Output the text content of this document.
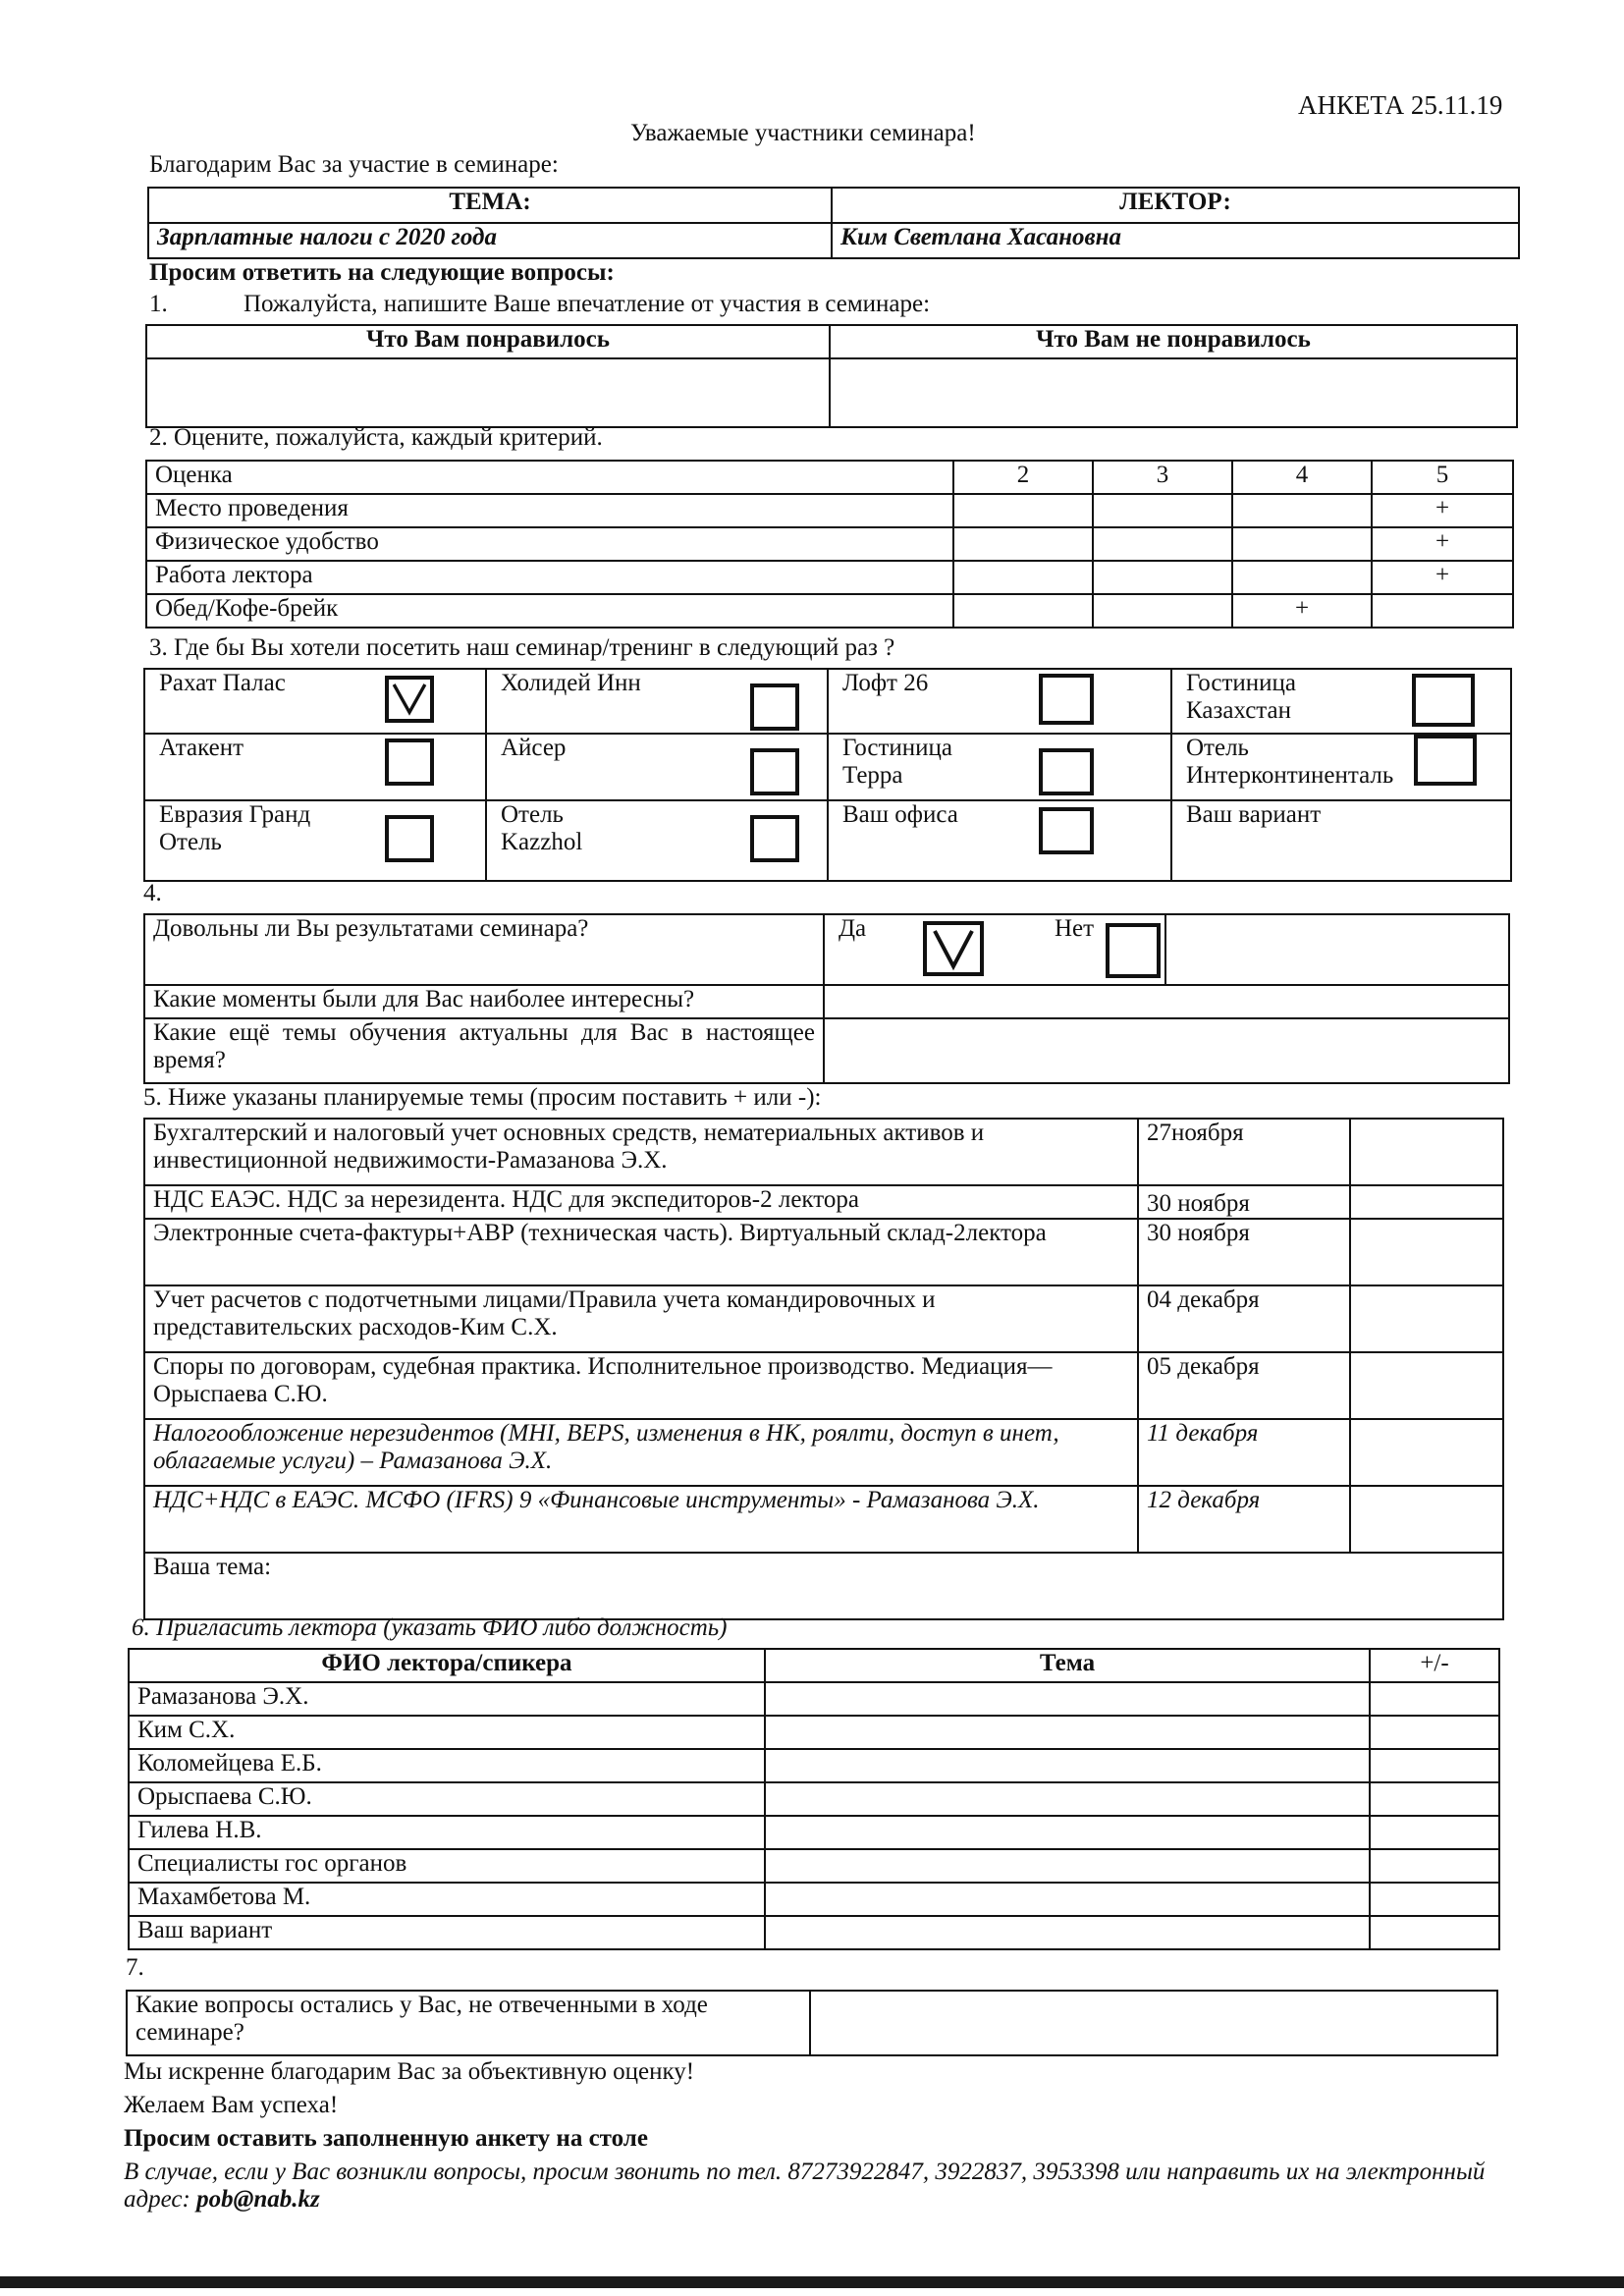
АНКЕТА 25.11.19
Уважаемые участники семинара!
Благодарим Вас за участие в семинаре:
ТЕМА:	ЛЕКТОР:
Зарплатные налоги с 2020 года	Ким Светлана Хасановна
Просим ответить на следующие вопросы:
1.	Пожалуйста, напишите Ваше впечатление от участия в семинаре:
Что Вам понравилось	Что Вам не понравилось

2. Оцените, пожалуйста, каждый критерий.
Оценка	2	3	4	5
Место проведения				+
Физическое удобство				+
Работа лектора				+
Обед/Кофе-брейк			+	
3. Где бы Вы хотели посетить наш семинар/тренинг в следующий раз ?
Рахат Палас	Холидей Инн	Лофт 26	Гостиница Казахстан

Атакент	Айсер	Гостиница Терра	Отель Интерконтиненталь

Евразия Гранд Отель	Отель Kazzhol	Ваш офиса	Ваш вариант
4.
Довольны ли Вы результатами семинара?	Да	Нет

Какие моменты были для Вас наиболее интересны?		
Какие ещё темы обучения актуальны для Вас в настоящее время?		
5. Ниже указаны планируемые темы (просим поставить + или -):
Бухгалтерский и налоговый учет основных средств, нематериальных активов и инвестиционной недвижимости-Рамазанова Э.Х.	27ноября	
НДС ЕАЭС. НДС за нерезидента. НДС для экспедиторов-2 лектора	30 ноября	
Электронные счета-фактуры+АВР (техническая часть). Виртуальный склад-2лектора	30 ноября	
Учет расчетов с подотчетными лицами/Правила учета командировочных и представительских расходов-Ким С.Х.	04 декабря	
Споры по договорам, судебная практика. Исполнительное производство. Медиация—Орыспаева С.Ю.	05 декабря	
Налогообложение нерезидентов (МНI, BEPS, изменения в НК, роялти, доступ в инет, облагаемые услуги) – Рамазанова Э.Х.	11 декабря	
НДС+НДС в ЕАЭС. МСФО (IFRS) 9 «Финансовые инструменты» - Рамазанова Э.Х.	12 декабря	
Ваша тема:		
6. Пригласить лектора (указать ФИО либо должность)
ФИО лектора/спикера	Тема	+/-
Рамазанова Э.Х.		
Ким С.Х.		
Коломейцева Е.Б.		
Орыспаева С.Ю.		
Гилева Н.В.		
Специалисты гос органов		
Махамбетова М.		
Ваш вариант		
7.
Какие вопросы остались у Вас, не отвеченными в ходе семинаре?	
Мы искренне благодарим Вас за объективную оценку!
Желаем Вам успеха!
Просим оставить заполненную анкету на столе
В случае, если у Вас возникли вопросы, просим звонить по тел. 87273922847, 3922837, 3953398 или направить их на электронный адрес: pob@nab.kz
